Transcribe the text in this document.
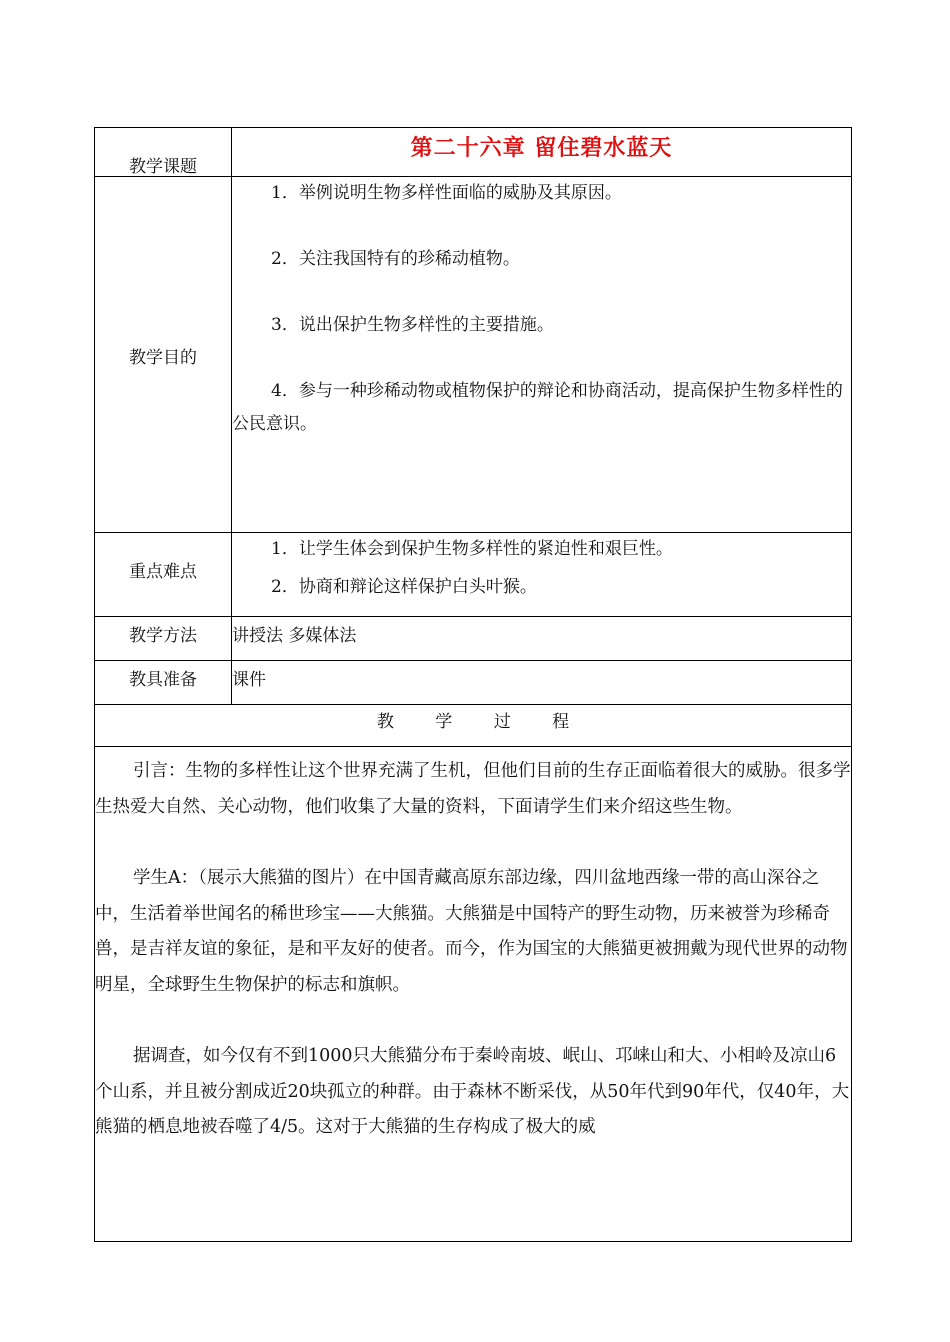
教学课题	第二十六章 留住碧水蓝天

教学目的	1．举例说明生物多样性面临的威胁及其原因。

2．关注我国特有的珍稀动植物。

3．说出保护生物多样性的主要措施。

4．参与一种珍稀动物或植物保护的辩论和协商活动，提高保护生物多样性的公民意识。

重点难点	1．让学生体会到保护生物多样性的紧迫性和艰巨性。

2．协商和辩论这样保护白头叶猴。

教学方法	讲授法 多媒体法

教具准备	课件
教 学 过 程	

引言：生物的多样性让这个世界充满了生机，但他们目前的生存正面临着很大的威胁。很多学生热爱大自然、关心动物，他们收集了大量的资料，下面请学生们来介绍这些生物。

学生A：（展示大熊猫的图片）在中国青藏高原东部边缘，四川盆地西缘一带的高山深谷之中，生活着举世闻名的稀世珍宝——大熊猫。大熊猫是中国特产的野生动物，历来被誉为珍稀奇兽，是吉祥友谊的象征，是和平友好的使者。而今，作为国宝的大熊猫更被拥戴为现代世界的动物明星，全球野生生物保护的标志和旗帜。

据调查，如今仅有不到1000只大熊猫分布于秦岭南坡、岷山、邛崃山和大、小相岭及凉山6个山系，并且被分割成近20块孤立的种群。由于森林不断采伐，从50年代到90年代，仅40年，大熊猫的栖息地被吞噬了4/5。这对于大熊猫的生存构成了极大的威	
